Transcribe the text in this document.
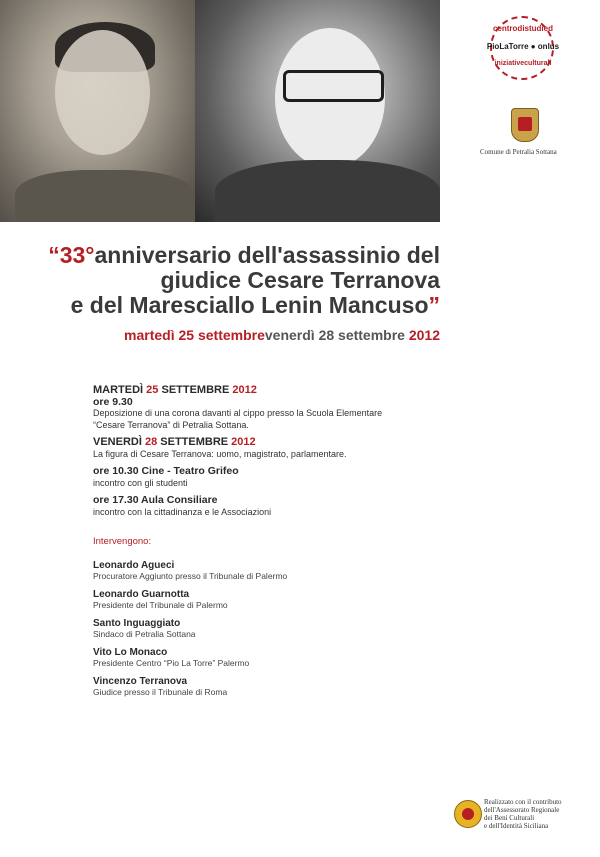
centrodistudied
PioLaTorre ● onlus
iniziativeculturali
Comune di Petralia Sottana
“33°anniversario dell'assassinio del
giudice Cesare Terranova
e del Maresciallo Lenin Mancuso”
martedì 25 settembrevenerdì 28 settembre 2012
MARTEDÌ 25 SETTEMBRE 2012
ore 9.30
Deposizione di una corona davanti al cippo presso la Scuola Elementare
“Cesare Terranova” di Petralia Sottana.
VENERDÌ 28 SETTEMBRE 2012
La figura di Cesare Terranova: uomo, magistrato, parlamentare.
ore 10.30 Cine - Teatro Grifeo
incontro con gli studenti
ore 17.30 Aula Consiliare
incontro con la cittadinanza e le Associazioni
Intervengono:
Leonardo Agueci
Procuratore Aggiunto presso il Tribunale di Palermo
Leonardo Guarnotta
Presidente del Tribunale di Palermo
Santo Inguaggiato
Sindaco di Petralia Sottana
Vito Lo Monaco
Presidente Centro “Pio La Torre” Palermo
Vincenzo Terranova
Giudice presso il Tribunale di Roma
Realizzato con il contributo
dell'Assessorato Regionale
dei Beni Culturali
e dell'Identità Siciliana
